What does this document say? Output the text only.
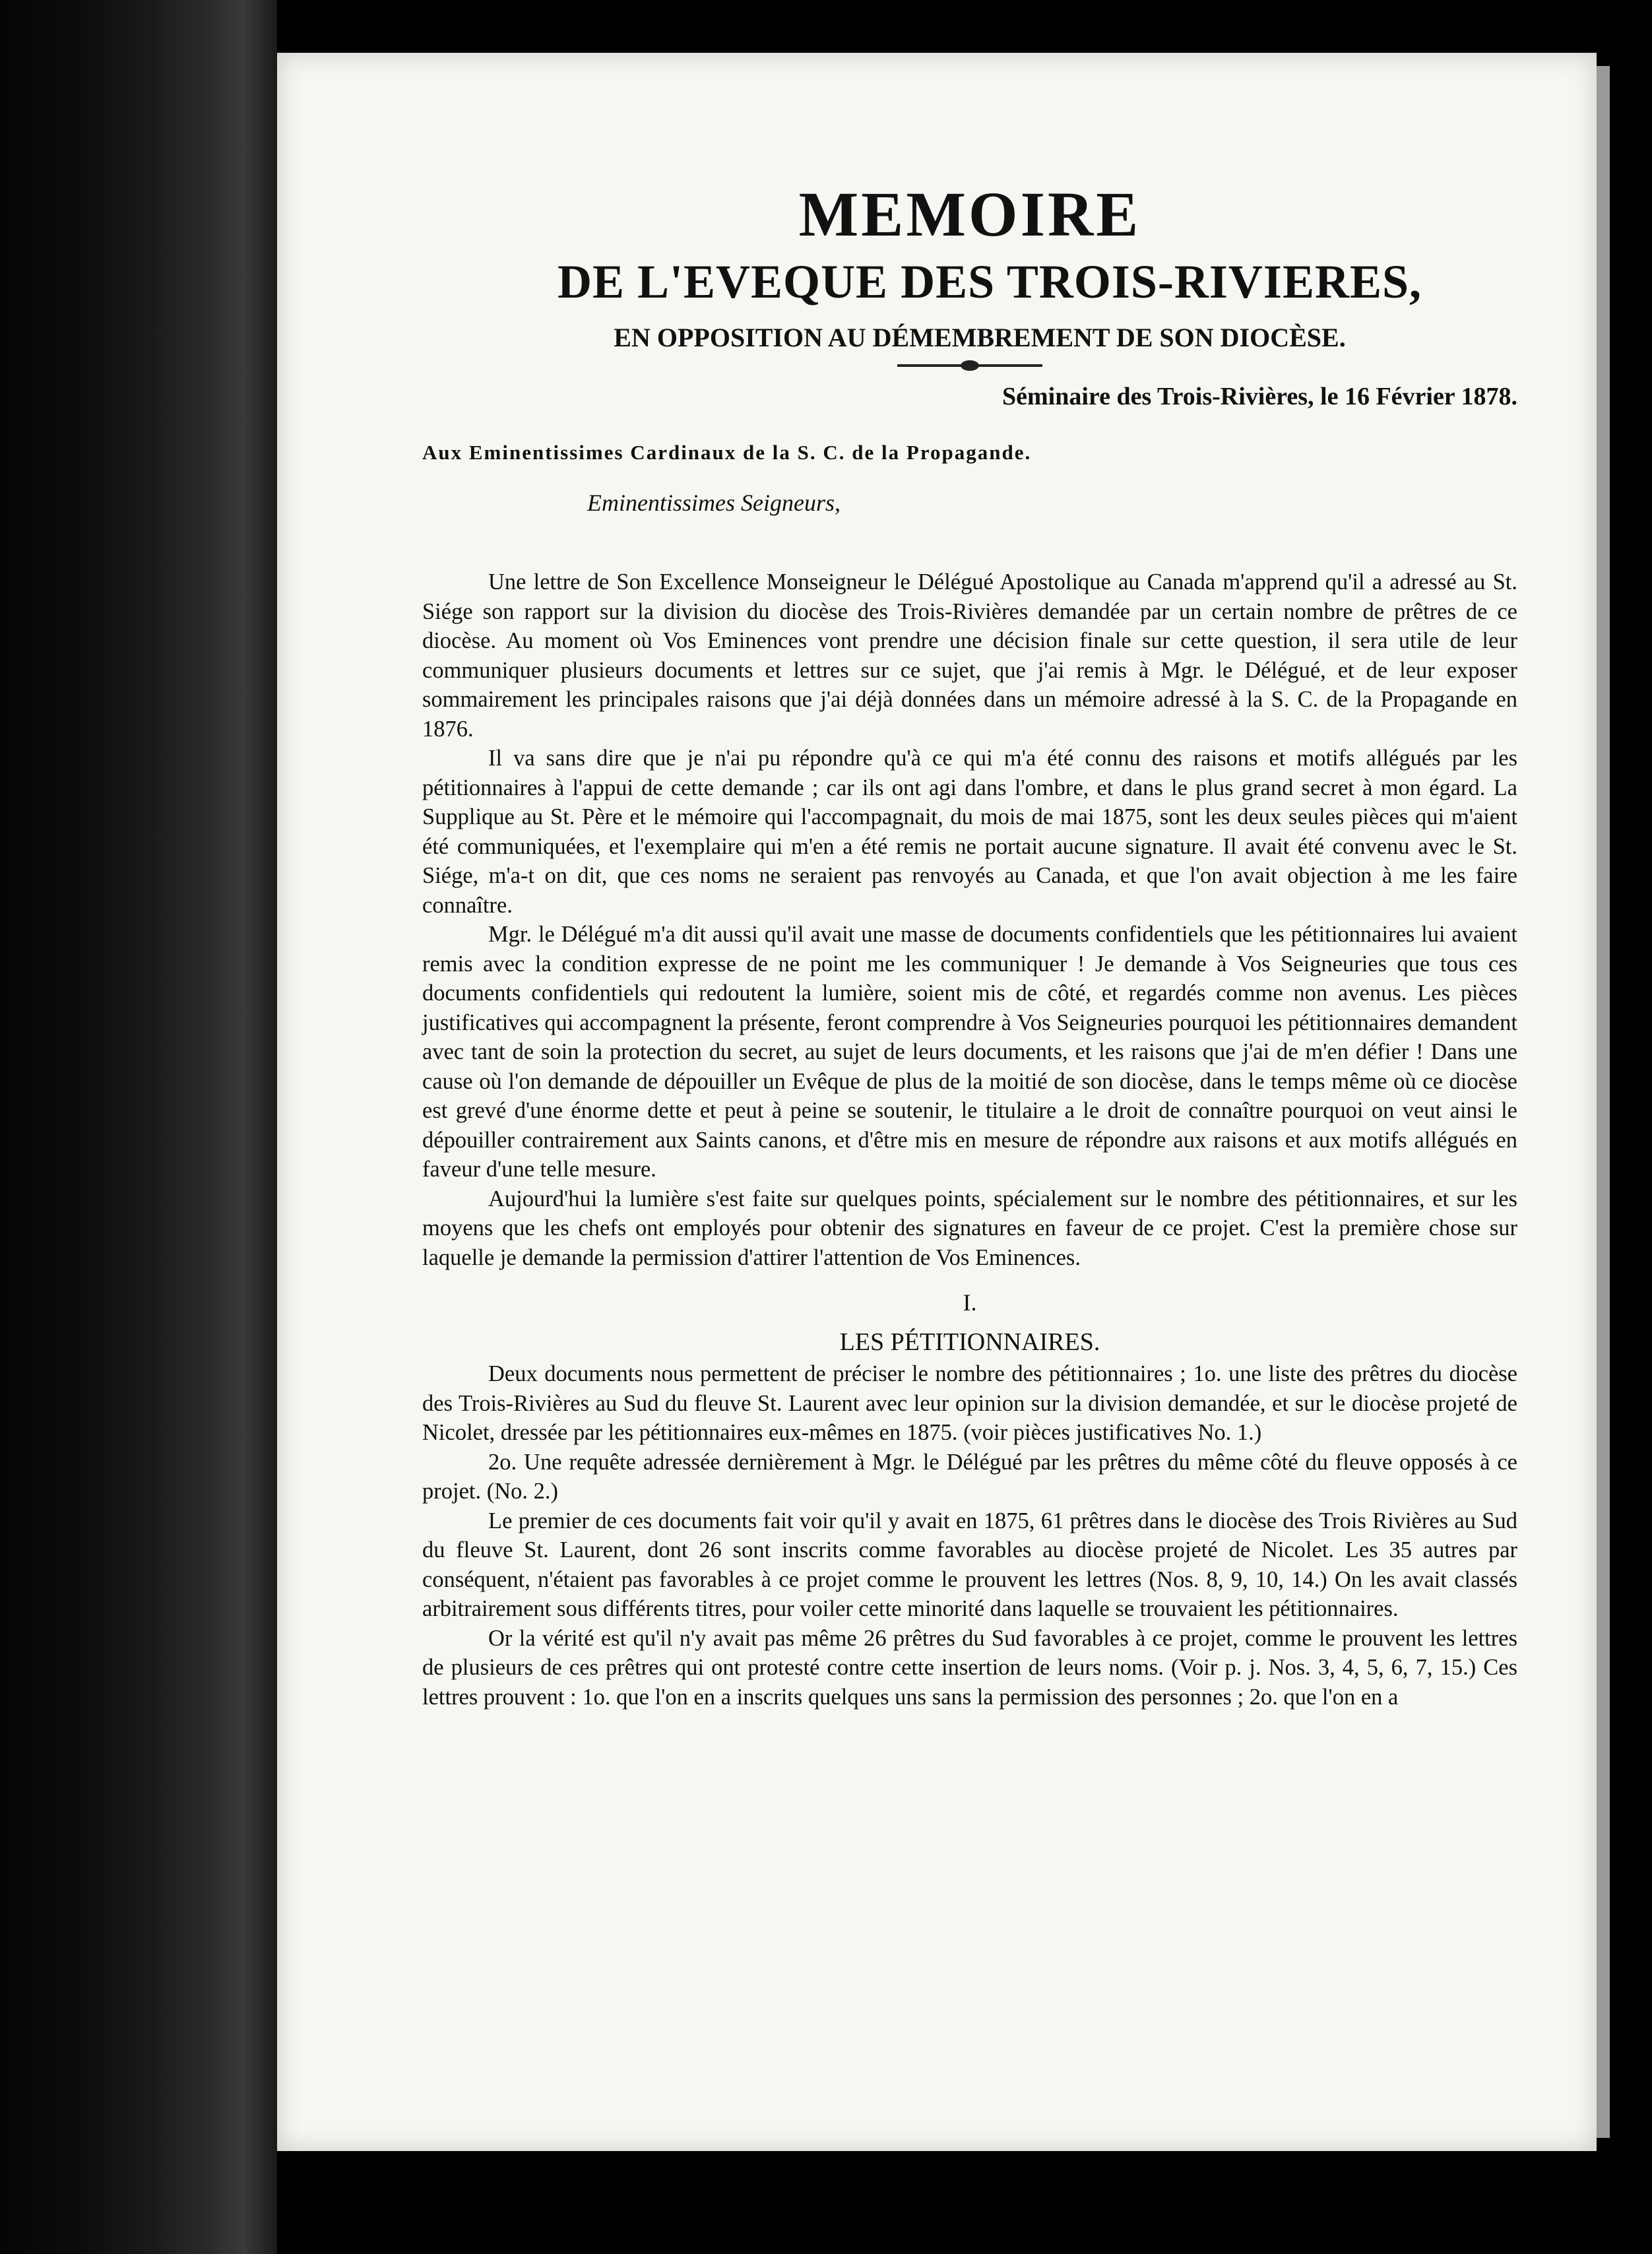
MEMOIRE
DE L'EVEQUE DES TROIS-RIVIERES,
EN OPPOSITION AU DÉMEMBREMENT DE SON DIOCÈSE.
Séminaire des Trois-Rivières, le 16 Février 1878.
Aux Eminentissimes Cardinaux de la S. C. de la Propagande.
Eminentissimes Seigneurs,

Une lettre de Son Excellence Monseigneur le Délégué Apostolique au Canada m'apprend qu'il a adressé au St. Siége son rapport sur la division du diocèse des Trois-Rivières demandée par un certain nombre de prêtres de ce diocèse. Au moment où Vos Eminences vont prendre une décision finale sur cette question, il sera utile de leur communiquer plusieurs documents et lettres sur ce sujet, que j'ai remis à Mgr. le Délégué, et de leur exposer sommairement les principales raisons que j'ai déjà données dans un mémoire adressé à la S. C. de la Propagande en 1876.

Il va sans dire que je n'ai pu répondre qu'à ce qui m'a été connu des raisons et motifs allégués par les pétitionnaires à l'appui de cette demande ; car ils ont agi dans l'ombre, et dans le plus grand secret à mon égard. La Supplique au St. Père et le mémoire qui l'accompagnait, du mois de mai 1875, sont les deux seules pièces qui m'aient été communiquées, et l'exemplaire qui m'en a été remis ne portait aucune signature. Il avait été convenu avec le St. Siége, m'a-t on dit, que ces noms ne seraient pas renvoyés au Canada, et que l'on avait objection à me les faire connaître.

Mgr. le Délégué m'a dit aussi qu'il avait une masse de documents confidentiels que les pétitionnaires lui avaient remis avec la condition expresse de ne point me les communiquer ! Je demande à Vos Seigneuries que tous ces documents confidentiels qui redoutent la lumière, soient mis de côté, et regardés comme non avenus. Les pièces justificatives qui accompagnent la présente, feront comprendre à Vos Seigneuries pourquoi les pétitionnaires demandent avec tant de soin la protection du secret, au sujet de leurs documents, et les raisons que j'ai de m'en défier ! Dans une cause où l'on demande de dépouiller un Evêque de plus de la moitié de son diocèse, dans le temps même où ce diocèse est grevé d'une énorme dette et peut à peine se soutenir, le titulaire a le droit de connaître pourquoi on veut ainsi le dépouiller contrairement aux Saints canons, et d'être mis en mesure de répondre aux raisons et aux motifs allégués en faveur d'une telle mesure.

Aujourd'hui la lumière s'est faite sur quelques points, spécialement sur le nombre des pétitionnaires, et sur les moyens que les chefs ont employés pour obtenir des signatures en faveur de ce projet. C'est la première chose sur laquelle je demande la permission d'attirer l'attention de Vos Eminences.

I.
LES PÉTITIONNAIRES.

Deux documents nous permettent de préciser le nombre des pétitionnaires ; 1o. une liste des prêtres du diocèse des Trois-Rivières au Sud du fleuve St. Laurent avec leur opinion sur la division demandée, et sur le diocèse projeté de Nicolet, dressée par les pétitionnaires eux-mêmes en 1875. (voir pièces justificatives No. 1.)

2o. Une requête adressée dernièrement à Mgr. le Délégué par les prêtres du même côté du fleuve opposés à ce projet. (No. 2.)

Le premier de ces documents fait voir qu'il y avait en 1875, 61 prêtres dans le diocèse des Trois Rivières au Sud du fleuve St. Laurent, dont 26 sont inscrits comme favorables au diocèse projeté de Nicolet. Les 35 autres par conséquent, n'étaient pas favorables à ce projet comme le prouvent les lettres (Nos. 8, 9, 10, 14.) On les avait classés arbitrairement sous différents titres, pour voiler cette minorité dans laquelle se trouvaient les pétitionnaires.

Or la vérité est qu'il n'y avait pas même 26 prêtres du Sud favorables à ce projet, comme le prouvent les lettres de plusieurs de ces prêtres qui ont protesté contre cette insertion de leurs noms. (Voir p. j. Nos. 3, 4, 5, 6, 7, 15.) Ces lettres prouvent : 1o. que l'on en a inscrits quelques uns sans la permission des personnes ; 2o. que l'on en a
